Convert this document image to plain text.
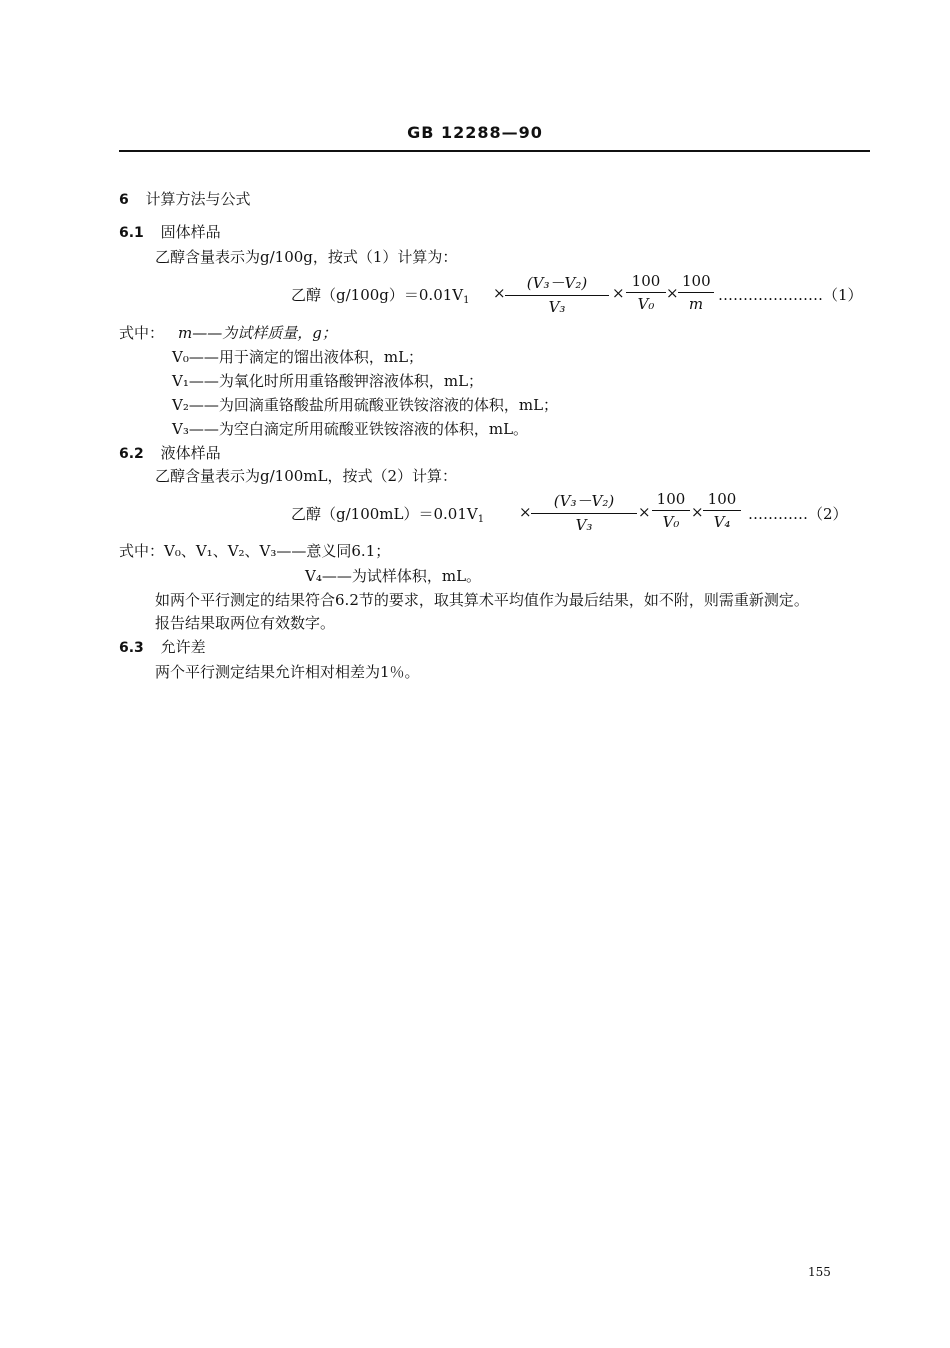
GB 12288—90
6 计算方法与公式
6.1 固体样品
乙醇含量表示为g/100g，按式（1）计算为：
乙醇$(g/100g)=0.01V_1 \times \frac{\text{(V₃－V₂)}}{\text{V₃}} \times \frac{100}{\text{V₀}} \times \frac{100}{m}$ …………………（1）
式中： m——为试样质量，g；
V₀——用于滴定的馏出液体积，mL；
V₁——为氧化时所用重铬酸钾溶液体积，mL；
V₂——为回滴重铬酸盐所用硫酸亚铁铵溶液的体积，mL；
V₃——为空白滴定所用硫酸亚铁铵溶液的体积，mL。
6.2 液体样品
乙醇含量表示为g/100mL，按式（2）计算：
乙醇$(g/100mL)=0.01V_1 \times \frac{\text{(V₃－V₂)}}{\text{V₃}} \times \frac{100}{\text{V₀}} \times \frac{100}{\text{V₄}}$ …………（2）
式中：V₀、V₁、V₂、V₃——意义同6.1；
V₄——为试样体积，mL。
如两个平行测定的结果符合6.2节的要求，取其算术平均值作为最后结果，如不附，则需重新测定。
报告结果取两位有效数字。
6.3 允许差
两个平行测定结果允许相对相差为1％。
155
